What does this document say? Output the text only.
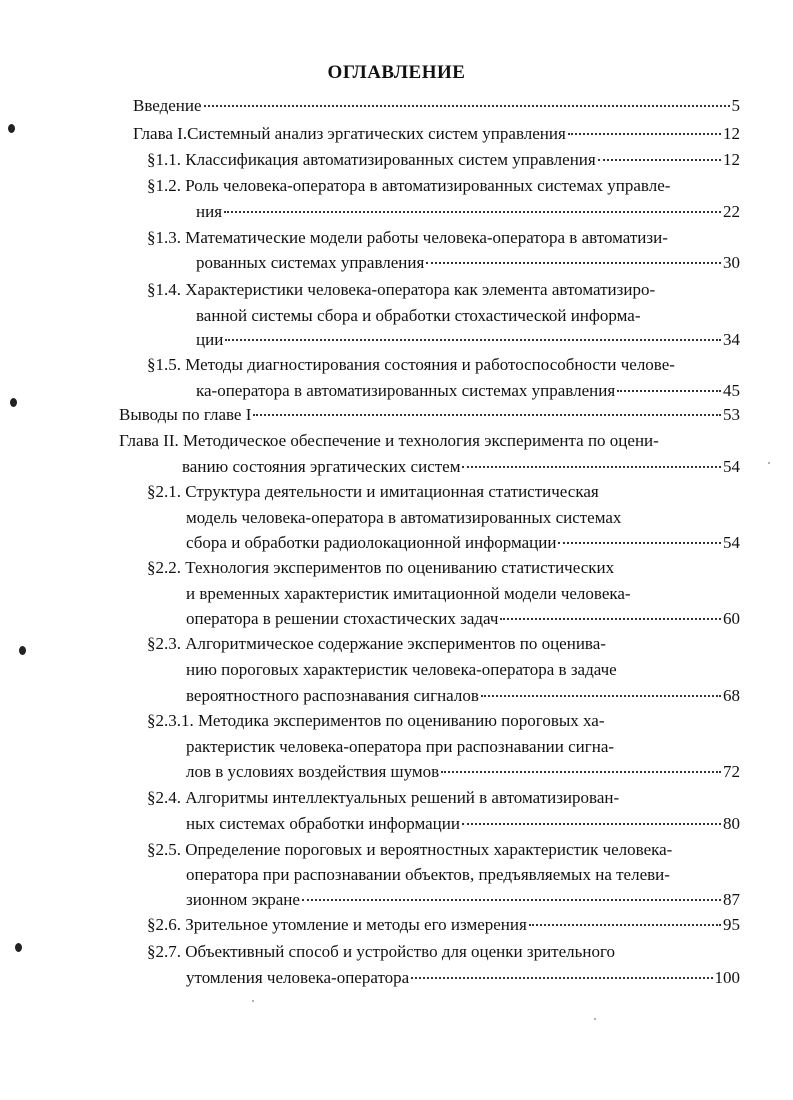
ОГЛАВЛЕНИЕ
Введение	5
Глава I.Системный анализ эргатических систем управления	12
§1.1. Классификация автоматизированных систем управления	12
§1.2. Роль человека-оператора в автоматизированных системах управле-
ния	22
§1.3. Математические модели работы человека-оператора в автоматизи-
рованных системах управления	30
§1.4. Характеристики человека-оператора как элемента автоматизиро-
ванной системы сбора и обработки стохастической информа-
ции	34
§1.5. Методы диагностирования состояния и работоспособности челове-
ка-оператора в автоматизированных системах управления	45
Выводы по главе I	53
Глава II. Методическое обеспечение и технология эксперимента по оцени-
ванию состояния эргатических систем	54
§2.1. Структура деятельности и имитационная статистическая
модель человека-оператора в автоматизированных системах
сбора и обработки радиолокационной информации	54
§2.2. Технология экспериментов по оцениванию статистических
и временных характеристик имитационной модели человека-
оператора в решении стохастических задач	60
§2.3. Алгоритмическое содержание экспериментов по оценива-
нию пороговых характеристик человека-оператора в задаче
вероятностного распознавания сигналов	68
§2.3.1. Методика экспериментов по оцениванию пороговых ха-
рактеристик человека-оператора при распознавании сигна-
лов в условиях воздействия шумов	72
§2.4. Алгоритмы интеллектуальных решений в автоматизирован-
ных системах обработки информации	80
§2.5. Определение пороговых и вероятностных характеристик человека-
оператора при распознавании объектов, предъявляемых на телеви-
зионном экране	87
§2.6. Зрительное утомление и методы его измерения	95
§2.7. Объективный способ и устройство для оценки зрительного
утомления человека-оператора	100
